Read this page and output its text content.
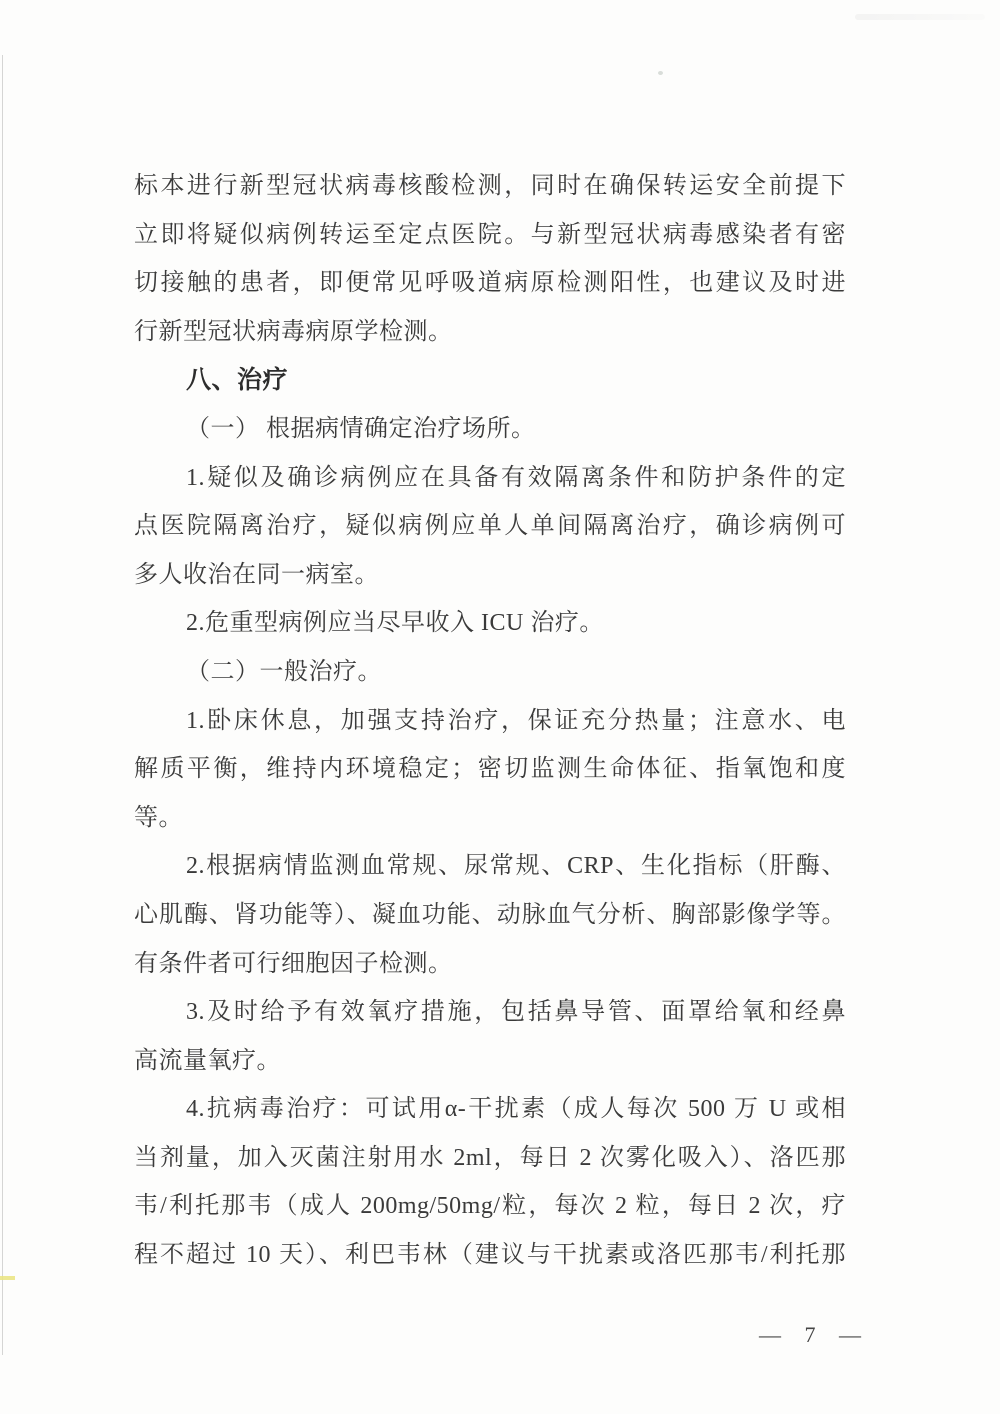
标本进行新型冠状病毒核酸检测，同时在确保转运安全前提下
立即将疑似病例转运至定点医院。与新型冠状病毒感染者有密
切接触的患者，即便常见呼吸道病原检测阳性，也建议及时进
行新型冠状病毒病原学检测。
八、治疗
（一） 根据病情确定治疗场所。
1.疑似及确诊病例应在具备有效隔离条件和防护条件的定
点医院隔离治疗，疑似病例应单人单间隔离治疗，确诊病例可
多人收治在同一病室。
2.危重型病例应当尽早收入 ICU 治疗。
（二）一般治疗。
1.卧床休息，加强支持治疗，保证充分热量；注意水、电
解质平衡，维持内环境稳定；密切监测生命体征、指氧饱和度
等。
2.根据病情监测血常规、尿常规、CRP、生化指标（肝酶、
心肌酶、肾功能等）、凝血功能、动脉血气分析、胸部影像学等。
有条件者可行细胞因子检测。
3.及时给予有效氧疗措施，包括鼻导管、面罩给氧和经鼻
高流量氧疗。
4.抗病毒治疗：可试用α-干扰素（成人每次 500 万 U 或相
当剂量，加入灭菌注射用水 2ml，每日 2 次雾化吸入）、洛匹那
韦/利托那韦（成人 200mg/50mg/粒，每次 2 粒，每日 2 次，疗
程不超过 10 天）、利巴韦林（建议与干扰素或洛匹那韦/利托那
— 7 —
